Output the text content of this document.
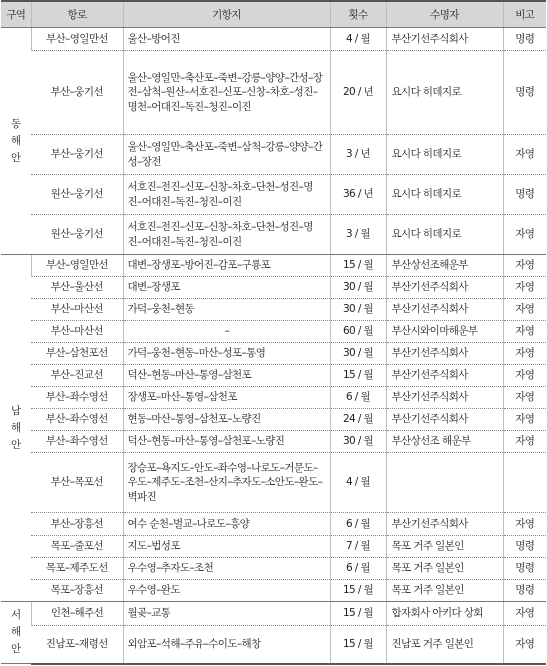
구역	항로	기항지	횟수	수명자	비고
동해안	부산–영일만선	울산–방어진	4 / 월	부산기선주식회사	명령
	부산–웅기선	울산–영일만–축산포–죽변–강릉–양양–간성–장전–삼척–원산–서호진–신포–신창–차호–성진–명천–어대진–독진–청진–이진	20 / 년	요시다 히데지로	명령
	부산–웅기선	울산–영일만–축산포–죽변–삼척–강릉–양양–간성–장전	3 / 년	요시다 히데지로	자영
	원산–웅기선	서호진–전진–신포–신창–차호–단천–성진–명진–어대진–독진–청진–이진	36 / 년	요시다 히데지로	명령
	원산–웅기선	서호진–전진–신포–신창–차호–단천–성진–명진–어대진–독진–청진–이진	3 / 월	요시다 히데지로	자영
남해안	부산–영일만선	대변–장생포–방어진–감포–구룡포	15 / 월	부산상선조해운부	자영
	부산–울산선	대변–장생포	30 / 월	부산기선주식회사	자영
	부산–마산선	가덕–웅천–현동	30 / 월	부산기선주식회사	자영
	부산–마산선	–	60 / 월	부산시와이마해운부	자영
	부산–삼천포선	가덕–웅천–현동–마산–성포–통영	30 / 월	부산기선주식회사	자영
	부산–진교선	덕산–현동–마산–통영–삼천포	15 / 월	부산기선주식회사	자영
	부산–좌수영선	장생포–마산–통영–삼천포	6 / 월	부산기선주식회사	자영
	부산–좌수영선	현동–마산–통영–삼천포–노량진	24 / 월	부산기선주식회사	자영
	부산–좌수영선	덕산–현동–마산–통영–삼천포–노량진	30 / 월	부산상선조 해운부	자영
	부산–목포선	장승포–욕지도–안도–좌수영–나로도–거문도–우도–제주도–조천–산지–추자도–소안도–완도–벽파진	4 / 월		
	부산–장흥선	여수 순천–벌교–나로도–흥양	6 / 월	부산기선주식회사	자영
	목포–줄포선	지도–법성포	7 / 월	목포 거주 일본인	명령
	목포–제주도선	우수영–추자도–조천	6 / 월	목포 거주 일본인	명령
	목포–장흥선	우수영–완도	15 / 월	목포 거주 일본인	명령
서해안	인천–해주선	월곶–교통	15 / 월	합자회사 아키다 상회	자영
	진남포–재령선	외암포–석해–주유–수이도–해창	15 / 월	진남포 거주 일본인	자영
